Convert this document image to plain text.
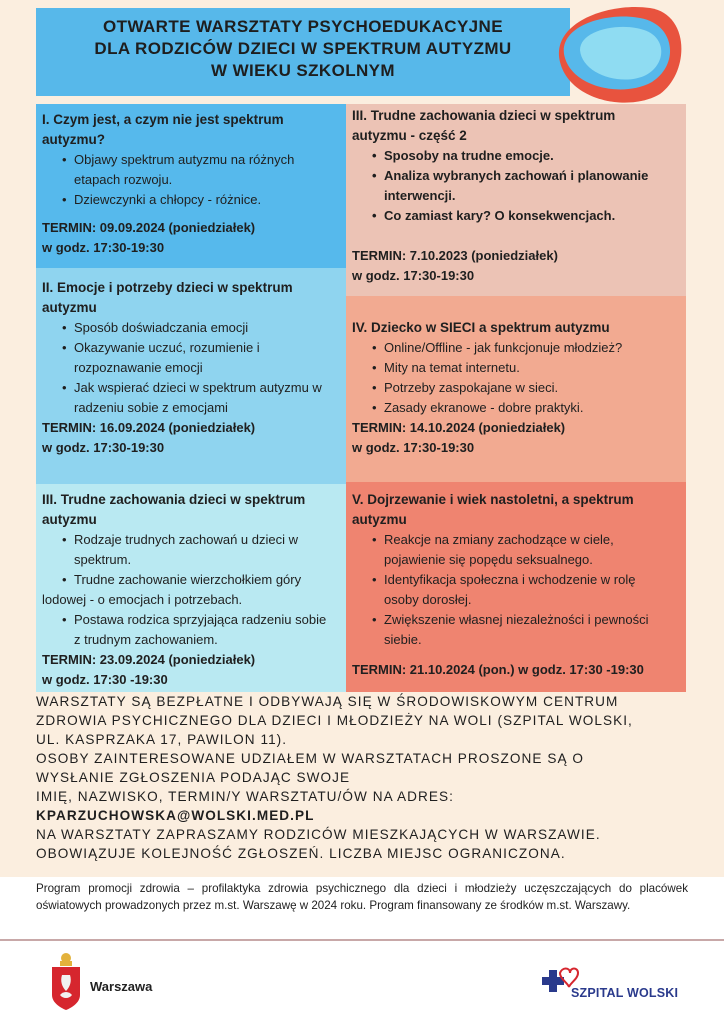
OTWARTE WARSZTATY PSYCHOEDUKACYJNE
DLA RODZICÓW DZIECI W SPEKTRUM AUTYZMU
W WIEKU SZKOLNYM
I. Czym jest, a czym nie jest spektrum
autyzmu?
• Objawy spektrum autyzmu na różnych
etapach rozwoju.
• Dziewczynki a chłopcy - różnice.
TERMIN: 09.09.2024 (poniedziałek)
w godz. 17:30-19:30
II. Emocje i potrzeby dzieci w spektrum
autyzmu
• Sposób doświadczania emocji
• Okazywanie uczuć, rozumienie i
rozpoznawanie emocji
• Jak wspierać dzieci w spektrum autyzmu w
radzeniu sobie z emocjami
TERMIN: 16.09.2024 (poniedziałek)
w godz. 17:30-19:30
III. Trudne zachowania dzieci w spektrum
autyzmu
• Rodzaje trudnych zachowań u dzieci w
spektrum.
• Trudne zachowanie wierzchołkiem góry
lodowej - o emocjach i potrzebach.
• Postawa rodzica sprzyjająca radzeniu sobie
z trudnym zachowaniem.
TERMIN: 23.09.2024 (poniedziałek)
w godz. 17:30 -19:30
III. Trudne zachowania dzieci w spektrum
autyzmu - część 2
• Sposoby na trudne emocje.
• Analiza wybranych zachowań i planowanie
interwencji.
• Co zamiast kary? O konsekwencjach.
TERMIN: 7.10.2023 (poniedziałek)
w godz. 17:30-19:30
IV. Dziecko w SIECI a spektrum autyzmu
• Online/Offline - jak funkcjonuje młodzież?
• Mity na temat internetu.
• Potrzeby zaspokajane w sieci.
• Zasady ekranowe - dobre praktyki.
TERMIN: 14.10.2024 (poniedziałek)
w godz. 17:30-19:30
V. Dojrzewanie i wiek nastoletni, a spektrum
autyzmu
• Reakcje na zmiany zachodzące w ciele,
pojawienie się popędu seksualnego.
• Identyfikacja społeczna i wchodzenie w rolę
osoby dorosłej.
• Zwiększenie własnej niezależności i pewności
siebie.
TERMIN: 21.10.2024 (pon.) w godz. 17:30 -19:30

WARSZTATY SĄ BEZPŁATNE I ODBYWAJĄ SIĘ W ŚRODOWISKOWYM CENTRUM

ZDROWIA PSYCHICZNEGO DLA DZIECI I MŁODZIEŻY NA WOLI (SZPITAL WOLSKI,

UL. KASPRZAKA 17, PAWILON 11).

OSOBY ZAINTERESOWANE UDZIAŁEM W WARSZTATACH PROSZONE SĄ O

WYSŁANIE ZGŁOSZENIA PODAJĄC SWOJE

IMIĘ, NAZWISKO, TERMIN/Y WARSZTATU/ÓW NA ADRES:

KPARZUCHOWSKA@WOLSKI.MED.PL

NA WARSZTATY ZAPRASZAMY RODZICÓW MIESZKAJĄCYCH W WARSZAWIE.

OBOWIĄZUJE KOLEJNOŚĆ ZGŁOSZEŃ. LICZBA MIEJSC OGRANICZONA.

Program promocji zdrowia – profilaktyka zdrowia psychicznego dla dzieci i młodzieży uczęszczających do placówek oświatowych prowadzonych przez m.st. Warszawę w 2024 roku. Program finansowany ze środków m.st. Warszawy.

Warszawa	SZPITAL WOLSKI
